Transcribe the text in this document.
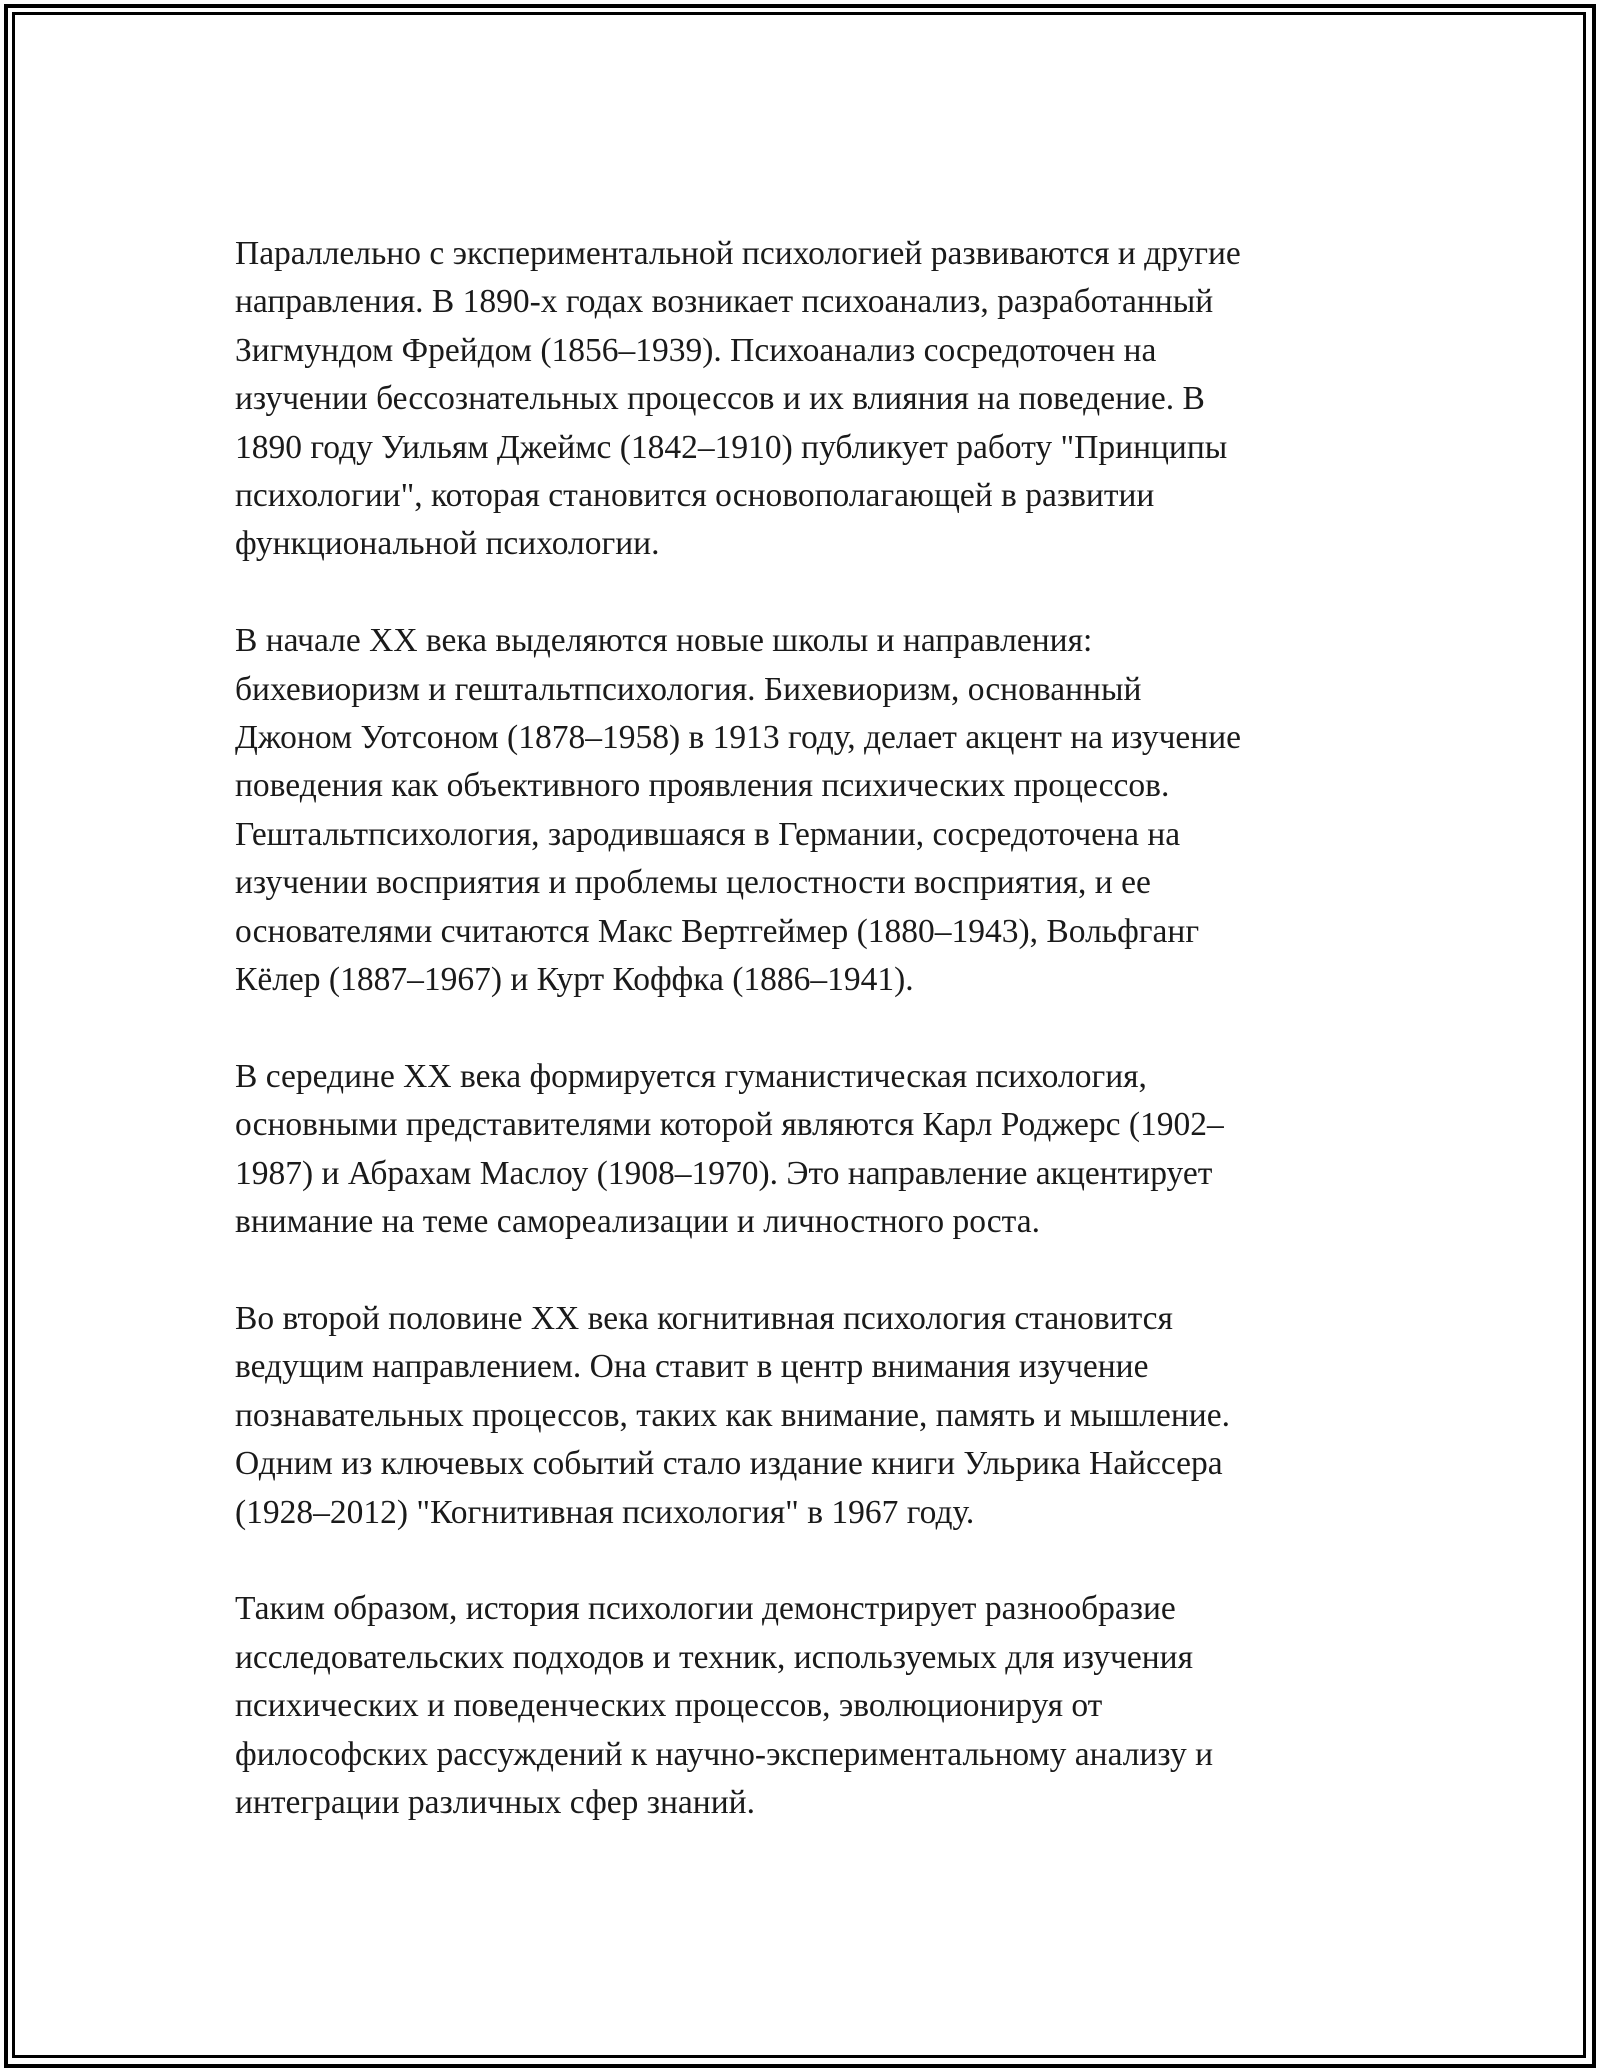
Параллельно с экспериментальной психологией развиваются и другие
направления. В 1890-х годах возникает психоанализ, разработанный
Зигмундом Фрейдом (1856–1939). Психоанализ сосредоточен на
изучении бессознательных процессов и их влияния на поведение. В
1890 году Уильям Джеймс (1842–1910) публикует работу "Принципы
психологии", которая становится основополагающей в развитии
функциональной психологии.

В начале XX века выделяются новые школы и направления:
бихевиоризм и гештальтпсихология. Бихевиоризм, основанный
Джоном Уотсоном (1878–1958) в 1913 году, делает акцент на изучение
поведения как объективного проявления психических процессов.
Гештальтпсихология, зародившаяся в Германии, сосредоточена на
изучении восприятия и проблемы целостности восприятия, и ее
основателями считаются Макс Вертгеймер (1880–1943), Вольфганг
Кёлер (1887–1967) и Курт Коффка (1886–1941).

В середине XX века формируется гуманистическая психология,
основными представителями которой являются Карл Роджерс (1902–
1987) и Абрахам Маслоу (1908–1970). Это направление акцентирует
внимание на теме самореализации и личностного роста.

Во второй половине XX века когнитивная психология становится
ведущим направлением. Она ставит в центр внимания изучение
познавательных процессов, таких как внимание, память и мышление.
Одним из ключевых событий стало издание книги Ульрика Найссера
(1928–2012) "Когнитивная психология" в 1967 году.

Таким образом, история психологии демонстрирует разнообразие
исследовательских подходов и техник, используемых для изучения
психических и поведенческих процессов, эволюционируя от
философских рассуждений к научно-экспериментальному анализу и
интеграции различных сфер знаний.
